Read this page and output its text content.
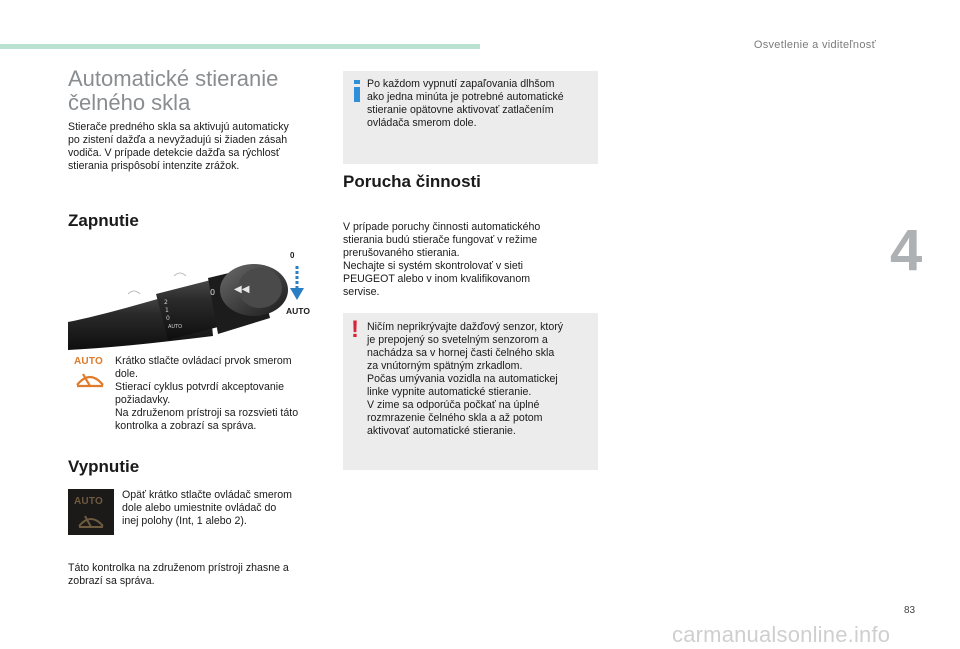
Osvetlenie a viditeľnosť
4
Automatické stieranie
čelného skla

Stierače predného skla sa aktivujú automaticky
po zistení dažďa a nevyžadujú si žiaden zásah
vodiča. V prípade detekcie dažďa sa rýchlosť
stierania prispôsobí intenzite zrážok.

Zapnutie
◀◀
0
2
1
0
AUTO
0
AUTO
AUTO	Krátko stlačte ovládací prvok smerom
dole.
Stierací cyklus potvrdí akceptovanie
požiadavky.
Na združenom prístroji sa rozsvieti táto
kontrolka a zobrazí sa správa.

Vypnutie
AUTO

Opäť krátko stlačte ovládač smerom
dole alebo umiestnite ovládač do
inej polohy (Int, 1 alebo 2).

Táto kontrolka na združenom prístroji zhasne a
zobrazí sa správa.

Po každom vypnutí zapaľovania dlhšom
ako jedna minúta je potrebné automatické
stieranie opätovne aktivovať zatlačením
ovládača smerom dole.

Porucha činnosti

V prípade poruchy činnosti automatického
stierania budú stierače fungovať v režime
prerušovaného stierania.
Nechajte si systém skontrolovať v sieti
PEUGEOT alebo v inom kvalifikovanom
servise.

! Ničím neprikrývajte dažďový senzor, ktorý
je prepojený so svetelným senzorom a
nachádza sa v hornej časti čelného skla
za vnútorným spätným zrkadlom.
Počas umývania vozidla na automatickej
linke vypnite automatické stieranie.
V zime sa odporúča počkať na úplné
rozmrazenie čelného skla a až potom
aktivovať automatické stieranie.

83
carmanualsonline.info
